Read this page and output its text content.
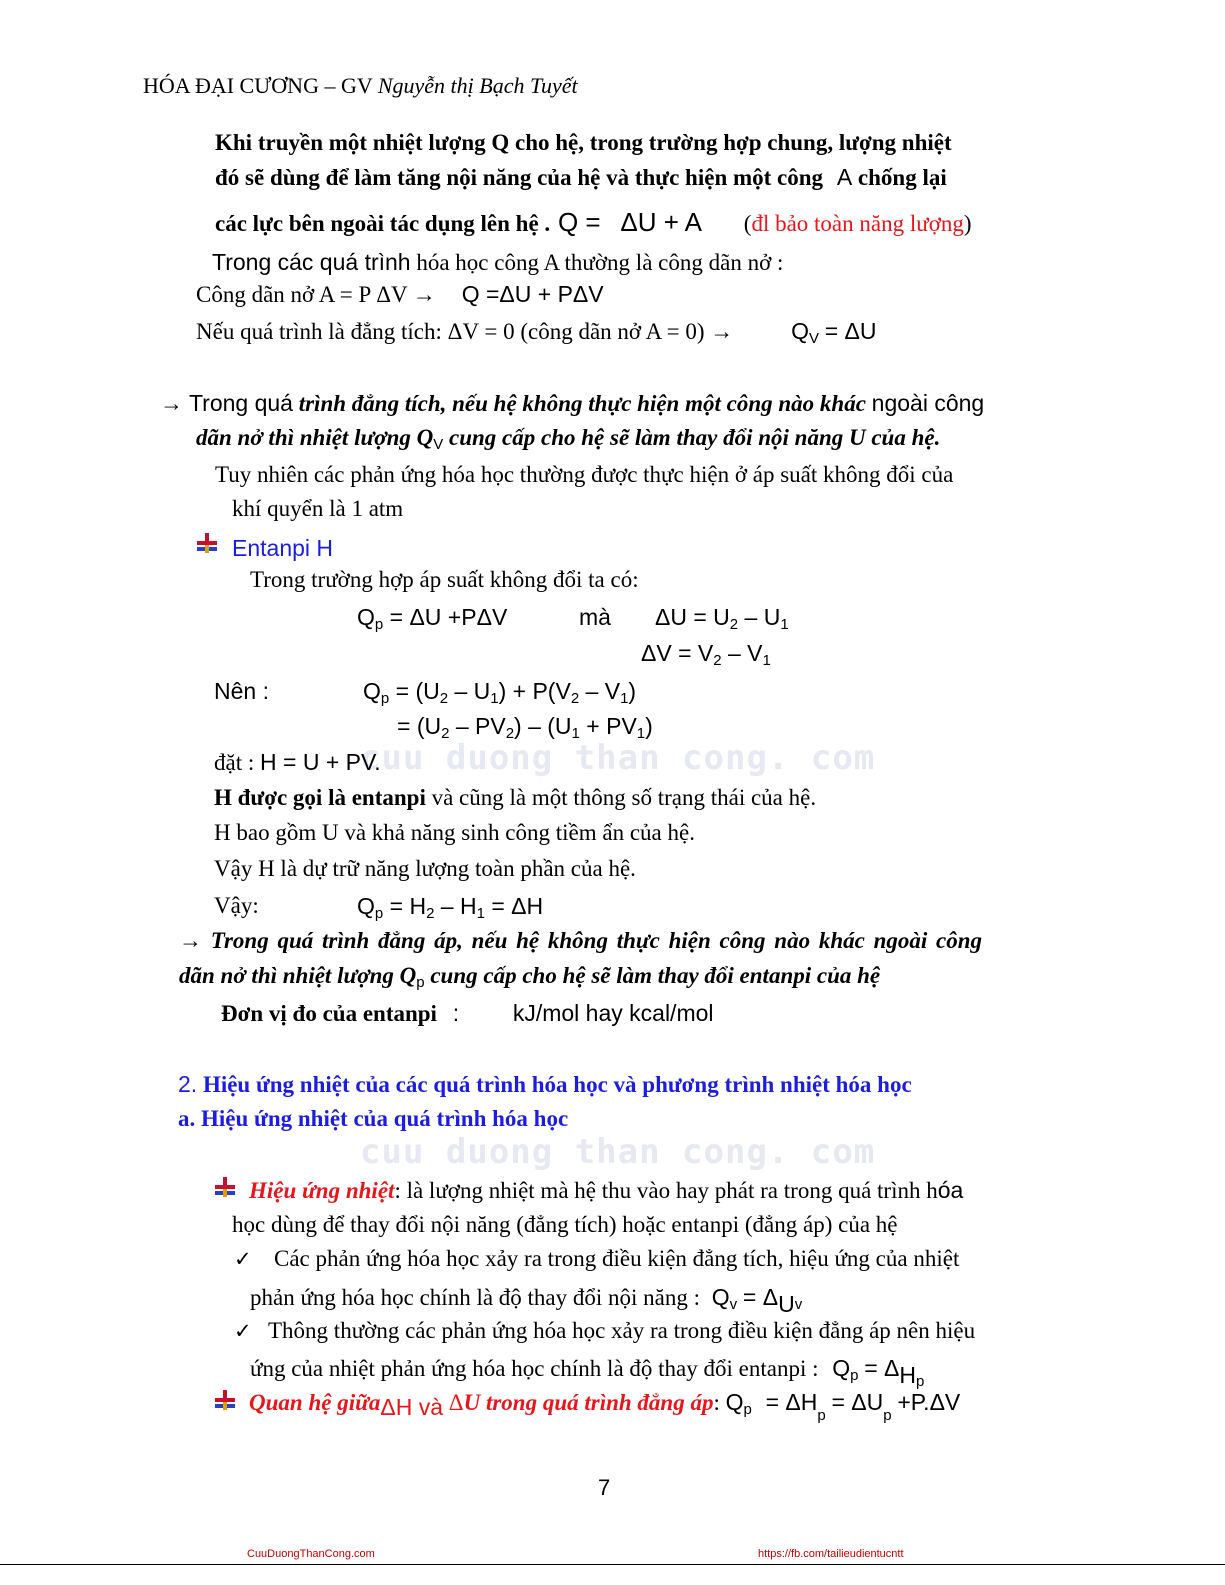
cuu duong than cong. com
cuu duong than cong. com
HÓA ĐẠI CƯƠNG – GV Nguyễn thị Bạch Tuyết
Khi truyền một nhiệt lượng Q cho hệ, trong trường hợp chung, lượng nhiệt
đó sẽ dùng để làm tăng nội năng của hệ và thực hiện một công A chống lại
các lực bên ngoài tác dụng lên hệ . Q = ΔU + A (đl bảo toàn năng lượng)
Trong các quá trình hóa học công A thường là công dãn nở :
Công dãn nở A = P ΔV → Q =ΔU + PΔV
Nếu quá trình là đẳng tích: ΔV = 0 (công dãn nở A = 0) →	$Q_V = \Delta U$
→ Trong quá trình đẳng tích, nếu hệ không thực hiện một công nào khác ngoài công
dãn nở thì nhiệt lượng $Q_V$ cung cấp cho hệ sẽ làm thay đổi nội năng U của hệ.
Tuy nhiên các phản ứng hóa học thường được thực hiện ở áp suất không đổi của
khí quyển là 1 atm
Entanpi H
Trong trường hợp áp suất không đổi ta có:
$Q_p = \Delta U +P\Delta V$	mà $\Delta U = U_2 - U_1$
$\Delta V = V_2 - V_1$
Nên :	$Q_p = (U_2 - U_1) + P(V_2 - V_1)$
= $(U_2 - PV_2) - (U_1 + PV_1)$
đặt : H = U + PV.
H được gọi là entanpi và cũng là một thông số trạng thái của hệ.
H bao gồm U và khả năng sinh công tiềm ẩn của hệ.
Vậy H là dự trữ năng lượng toàn phần của hệ.
Vậy:	$Q_p = H_2 - H_1 = \Delta H$
→ Trong quá trình đẳng áp, nếu hệ không thực hiện công nào khác ngoài công
dãn nở thì nhiệt lượng $Q_p$ cung cấp cho hệ sẽ làm thay đổi entanpi của hệ
Đơn vị đo của entanpi : kJ/mol hay kcal/mol
2. Hiệu ứng nhiệt của các quá trình hóa học và phương trình nhiệt hóa học
a. Hiệu ứng nhiệt của quá trình hóa học
Hiệu ứng nhiệt: là lượng nhiệt mà hệ thu vào hay phát ra trong quá trình hóa
học dùng để thay đổi nội năng (đẳng tích) hoặc entanpi (đẳng áp) của hệ
✓ Các phản ứng hóa học xảy ra trong điều kiện đẳng tích, hiệu ứng của nhiệt
phản ứng hóa học chính là độ thay đổi nội năng : $Q_v = \Delta U_v$
✓ Thông thường các phản ứng hóa học xảy ra trong điều kiện đẳng áp nên hiệu
ứng của nhiệt phản ứng hóa học chính là độ thay đổi entanpi : $Q_p = \Delta H_p$
Quan hệ giữaΔH và ΔU trong quá trình đẳng áp: $Q_p = \Delta H_p = \Delta U_p +P.\Delta V$
7
CuuDuongThanCong.com	https://fb.com/tailieudientucntt
